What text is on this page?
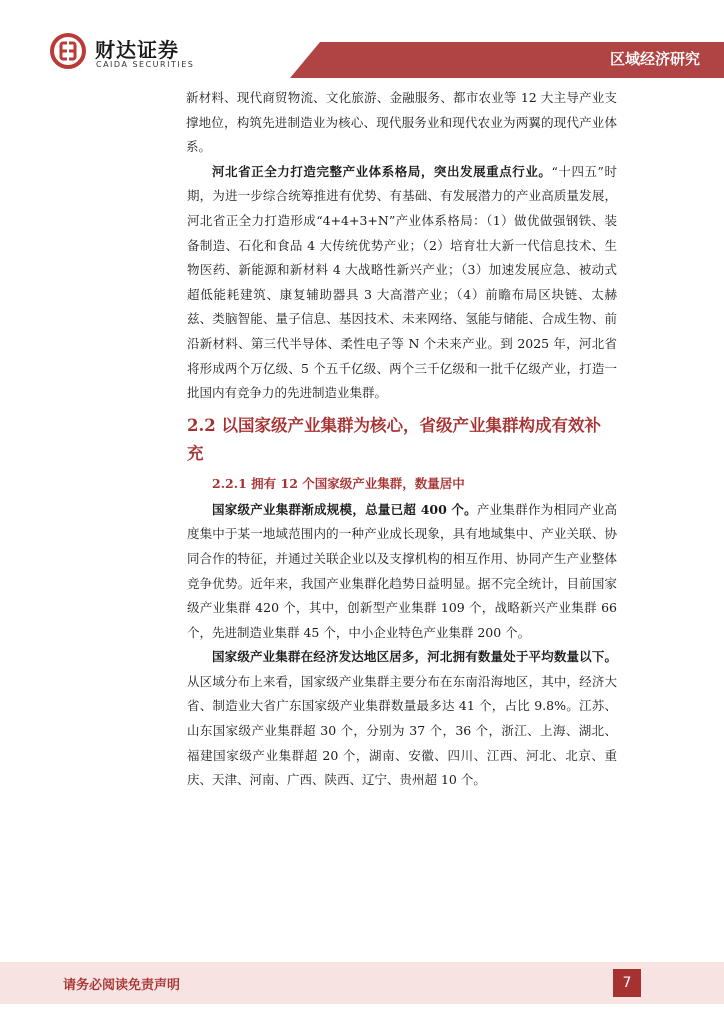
财达证券
CAIDA SECURITIES	区域经济研究

新材料、现代商贸物流、文化旅游、金融服务、都市农业等 12 大主导产业支撑地位，构筑先进制造业为核心、现代服务业和现代农业为两翼的现代产业体系。

河北省正全力打造完整产业体系格局，突出发展重点行业。“十四五”时期，为进一步综合统筹推进有优势、有基础、有发展潜力的产业高质量发展，河北省正全力打造形成“4+4+3+N”产业体系格局：（1）做优做强钢铁、装备制造、石化和食品 4 大传统优势产业；（2）培育壮大新一代信息技术、生物医药、新能源和新材料 4 大战略性新兴产业；（3）加速发展应急、被动式超低能耗建筑、康复辅助器具 3 大高潜产业；（4）前瞻布局区块链、太赫兹、类脑智能、量子信息、基因技术、未来网络、氢能与储能、合成生物、前沿新材料、第三代半导体、柔性电子等 N 个未来产业。到 2025 年，河北省将形成两个万亿级、5 个五千亿级、两个三千亿级和一批千亿级产业，打造一批国内有竞争力的先进制造业集群。

2.2 以国家级产业集群为核心，省级产业集群构成有效补充
2.2.1 拥有 12 个国家级产业集群，数量居中

国家级产业集群渐成规模，总量已超 400 个。产业集群作为相同产业高度集中于某一地域范围内的一种产业成长现象，具有地域集中、产业关联、协同合作的特征，并通过关联企业以及支撑机构的相互作用、协同产生产业整体竞争优势。近年来，我国产业集群化趋势日益明显。据不完全统计，目前国家级产业集群 420 个，其中，创新型产业集群 109 个，战略新兴产业集群 66 个，先进制造业集群 45 个，中小企业特色产业集群 200 个。

国家级产业集群在经济发达地区居多，河北拥有数量处于平均数量以下。从区域分布上来看，国家级产业集群主要分布在东南沿海地区，其中，经济大省、制造业大省广东国家级产业集群数量最多达 41 个，占比 9.8%。江苏、山东国家级产业集群超 30 个，分别为 37 个，36 个，浙江、上海、湖北、福建国家级产业集群超 20 个，湖南、安徽、四川、江西、河北、北京、重庆、天津、河南、广西、陕西、辽宁、贵州超 10 个。

请务必阅读免责声明	7
